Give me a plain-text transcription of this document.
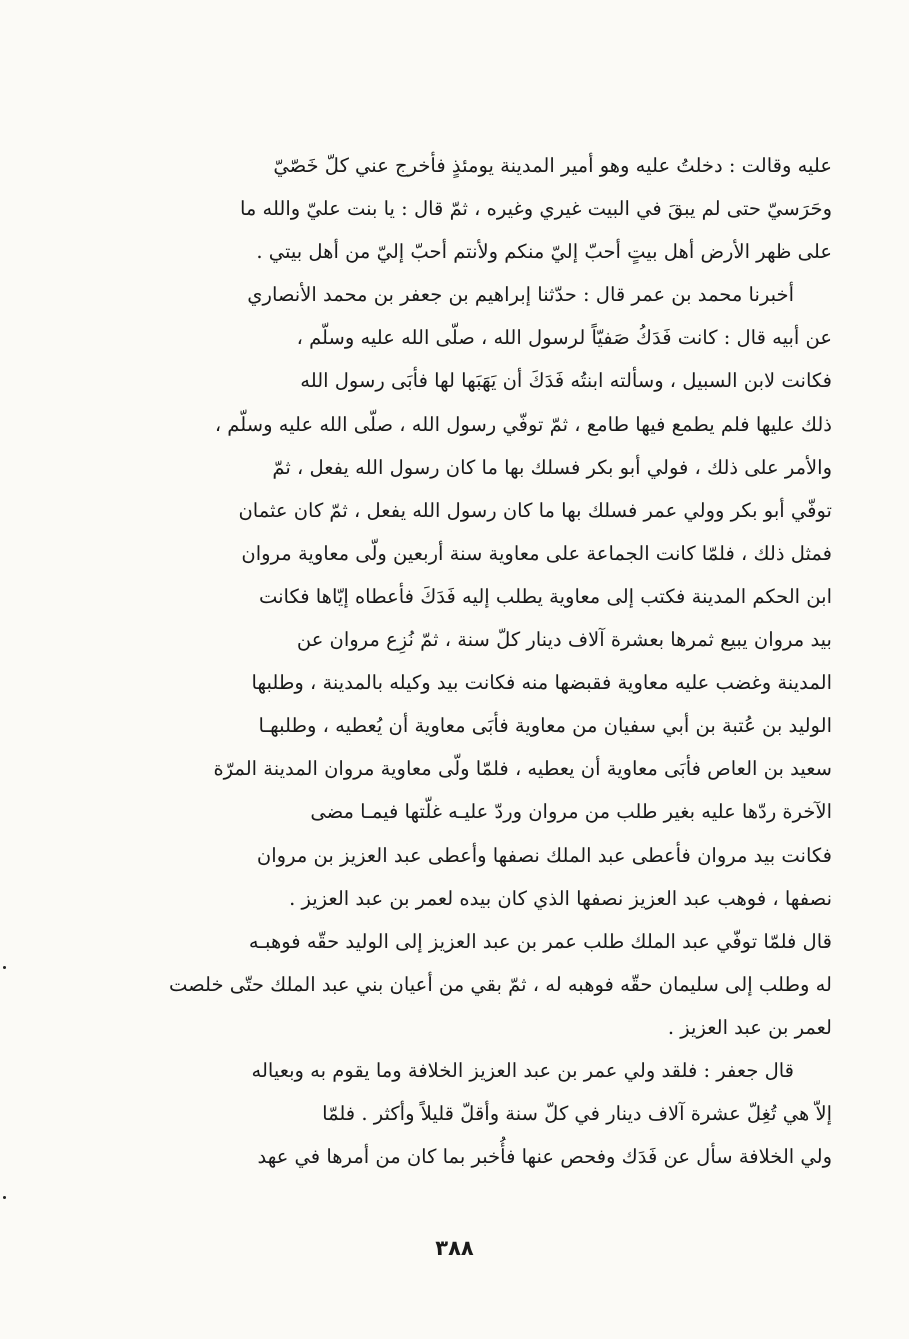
عليه وقالت : دخلتُ عليه وهو أمير المدينة يومئذٍ فأخرج عني كلّ خَصّيّ
وحَرَسيّ حتى لم يبقَ في البيت غيري وغيره ، ثمّ قال : يا بنت عليّ والله ما
على ظهر الأرض أهل بيتٍ أحبّ إليّ منكم ولأنتم أحبّ إليّ من أهل بيتي .
أخبرنا محمد بن عمر قال : حدّثنا إبراهيم بن جعفر بن محمد الأنصاري
عن أبيه قال : كانت فَدَكُ صَفيّاً لرسول الله ، صلّى الله عليه وسلّم ،
فكانت لابن السبيل ، وسألته ابنتُه فَدَكَ أن يَهَبَها لها فأبَى رسول الله
ذلك عليها فلم يطمع فيها طامع ، ثمّ توفّي رسول الله ، صلّى الله عليه وسلّم ،
والأمر على ذلك ، فولي أبو بكر فسلك بها ما كان رسول الله يفعل ، ثمّ
توفّي أبو بكر وولي عمر فسلك بها ما كان رسول الله يفعل ، ثمّ كان عثمان
فمثل ذلك ، فلمّا كانت الجماعة على معاوية سنة أربعين ولّى معاوية مروان
ابن الحكم المدينة فكتب إلى معاوية يطلب إليه فَدَكَ فأعطاه إيّاها فكانت
بيد مروان يبيع ثمرها بعشرة آلاف دينار كلّ سنة ، ثمّ نُزِع مروان عن
المدينة وغضب عليه معاوية فقبضها منه فكانت بيد وكيله بالمدينة ، وطلبها
الوليد بن عُتبة بن أبي سفيان من معاوية فأبَى معاوية أن يُعطيه ، وطلبهـا
سعيد بن العاص فأبَى معاوية أن يعطيه ، فلمّا ولّى معاوية مروان المدينة المرّة
الآخرة ردّها عليه بغير طلب من مروان وردّ عليـه غلّتها فيمـا مضى
فكانت بيد مروان فأعطى عبد الملك نصفها وأعطى عبد العزيز بن مروان
نصفها ، فوهب عبد العزيز نصفها الذي كان بيده لعمر بن عبد العزيز .
قال فلمّا توفّي عبد الملك طلب عمر بن عبد العزيز إلى الوليد حقّه فوهبـه
له وطلب إلى سليمان حقّه فوهبه له ، ثمّ بقي من أعيان بني عبد الملك حتّى خلصت
لعمر بن عبد العزيز .
قال جعفر : فلقد ولي عمر بن عبد العزيز الخلافة وما يقوم به وبعياله
إلاّ هي تُغِلّ عشرة آلاف دينار في كلّ سنة وأقلّ قليلاً وأكثر . فلمّا
ولي الخلافة سأل عن فَدَك وفحص عنها فأُخبر بما كان من أمرها في عهد
٣٨٨
